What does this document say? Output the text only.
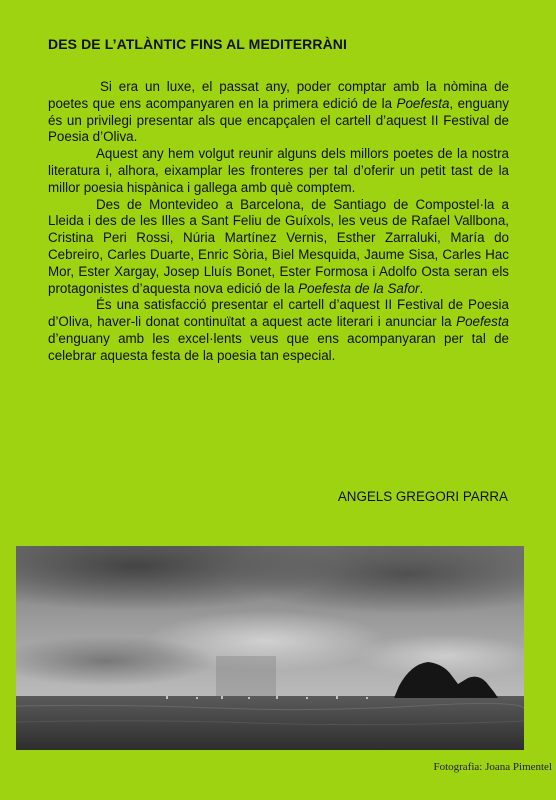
DES DE L’ATLÀNTIC FINS AL MEDITERRÀNI

Si era un luxe, el passat any, poder comptar amb la nòmina de poetes que ens acompanyaren en la primera edició de la Poefesta, enguany és un privilegi presentar als que encapçalen el cartell d’aquest II Festival de Poesia d’Oliva.

Aquest any hem volgut reunir alguns dels millors poetes de la nostra literatura i, alhora, eixamplar les fronteres per tal d’oferir un petit tast de la millor poesia hispànica i gallega amb què comptem.

Des de Montevideo a Barcelona, de Santiago de Compostel·la a Lleida i des de les Illes a Sant Feliu de Guíxols, les veus de Rafael Vallbona, Cristina Peri Rossi, Núria Martínez Vernis, Esther Zarraluki, María do Cebreiro, Carles Duarte, Enric Sòria, Biel Mesquida, Jaume Sisa, Carles Hac Mor, Ester Xargay, Josep Lluís Bonet, Ester Formosa i Adolfo Osta seran els protagonistes d’aquesta nova edició de la Poefesta de la Safor.

És una satisfacció presentar el cartell d’aquest II Festival de Poesia d’Oliva, haver-li donat continuïtat a aquest acte literari i anunciar la Poefesta d’enguany amb les excel·lents veus que ens acompanyaran per tal de celebrar aquesta festa de la poesia tan especial.

ANGELS GREGORI PARRA
Fotografia: Joana Pimentel
